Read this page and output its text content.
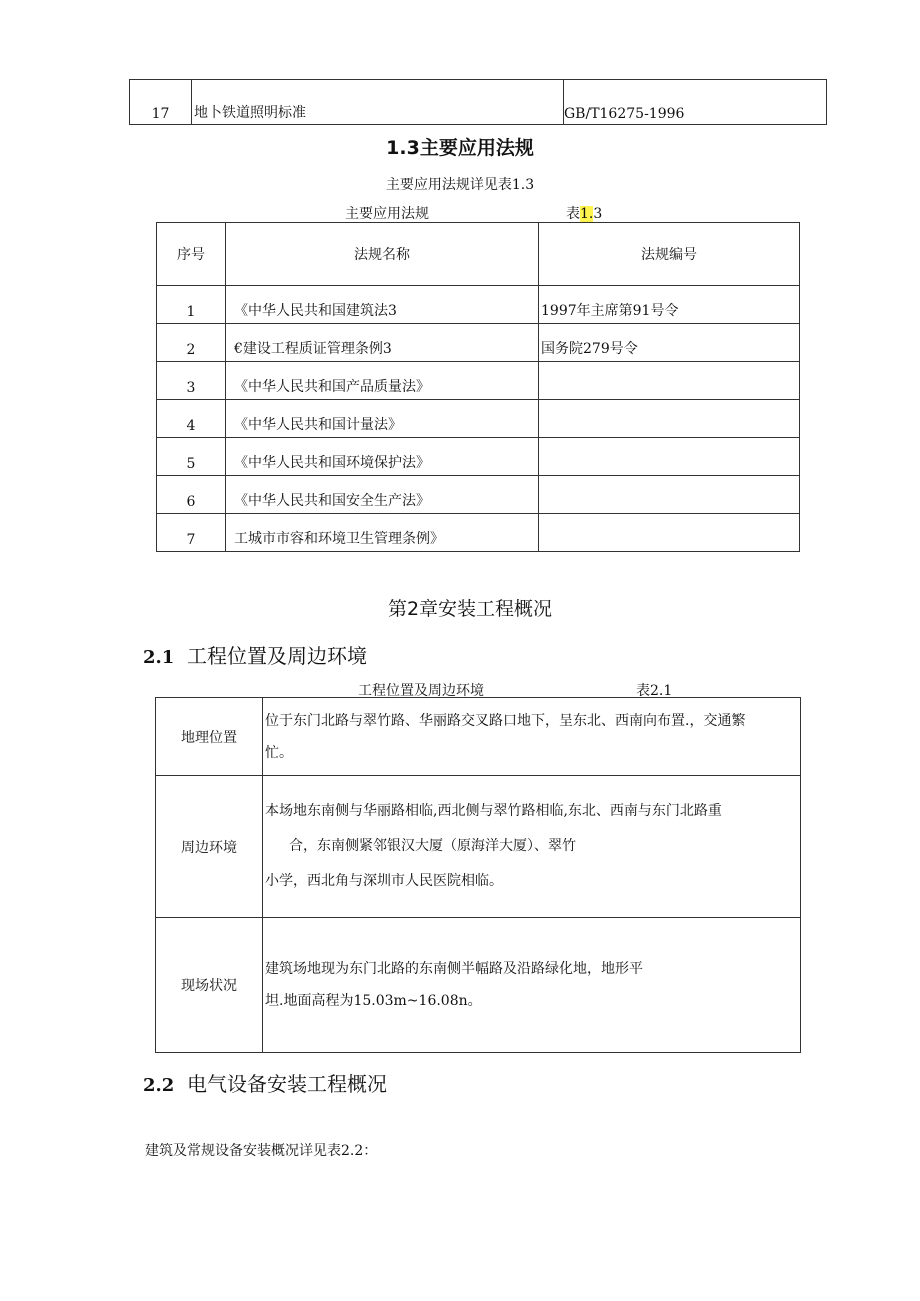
17	地卜铁道照明标准	GB/T16275-1996
1.3主要应用法规
主要应用法规详见表1.3
主要应用法规	表1.3
序号	法规名称	法规编号
1	《中华人民共和国建筑法3	1997年主席第91号令
2	€建设工程质证管理条例3	国务院279号令
3	《中华人民共和国产品质量法》	
4	《中华人民共和国计量法》	
5	《中华人民共和国环境保护法》	
6	《中华人民共和国安全生产法》	
7	工城市市容和环境卫生管理条例》	
第2章安装工程概况
2.1 工程位置及周边环境
工程位置及周边环境	表2.1
地理位置	位于东门北路与翠竹路、华丽路交叉路口地下，呈东北、西南向布置.，交通繁
忙。

周边环境	本场地东南侧与华丽路相临,西北侧与翠竹路相临,东北、西南与东门北路重
合，东南侧紧邻银汉大厦（原海洋大厦）、翠竹
小学，西北角与深圳市人民医院相临。

现场状况	建筑场地现为东门北路的东南侧半幅路及沿路绿化地，地形平
坦.地面高程为15.03m~16.08n。
2.2 电气设备安装工程概况
建筑及常规设备安装概况详见表2.2：
